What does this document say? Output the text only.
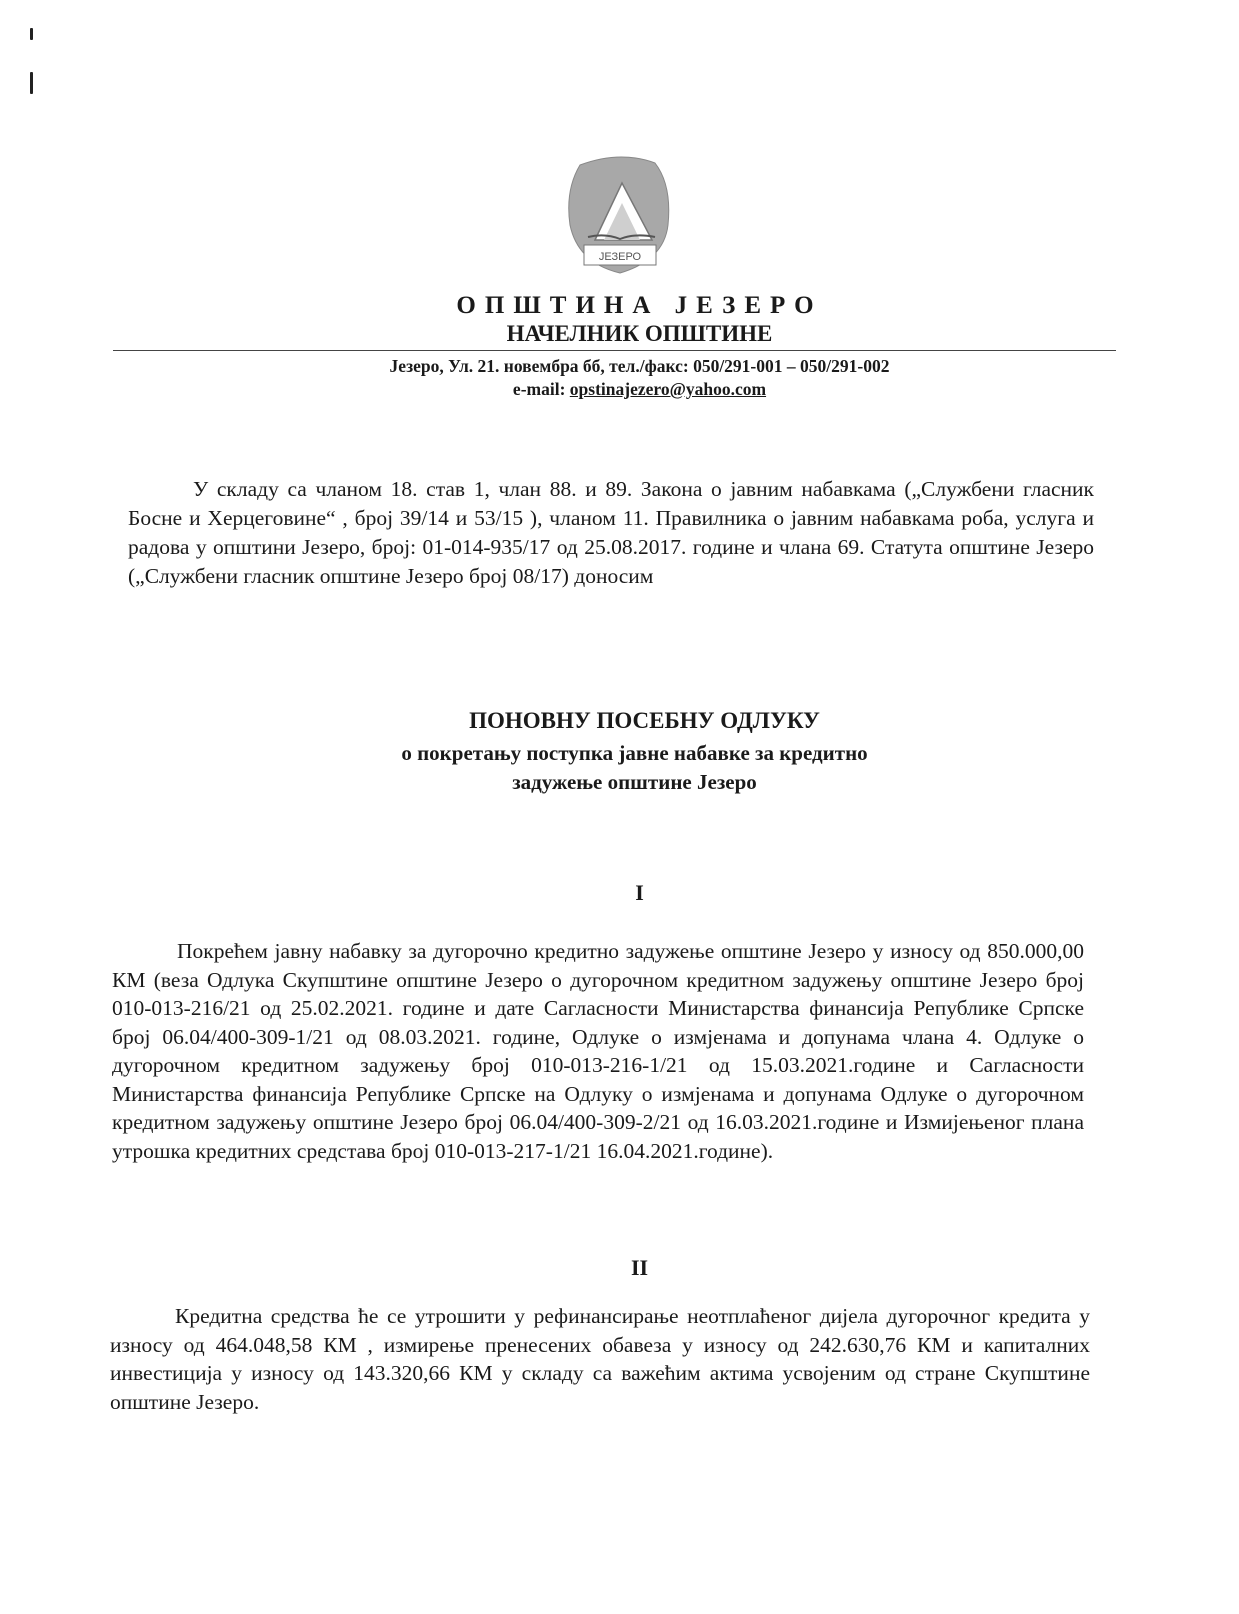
ЈЕЗЕРО
ОПШТИНА ЈЕЗЕРО
НАЧЕЛНИК ОПШТИНЕ
Језеро, Ул. 21. новембра бб, тел./факс: 050/291-001 – 050/291-002
e-mail: opstinajezero@yahoo.com
У складу са чланом 18. став 1, члан 88. и 89. Закона о јавним набавкама („Службени гласник Босне и Херцеговине“ , број 39/14 и 53/15 ), чланом 11. Правилника о јавним набавкама роба, услуга и радова у општини Језеро, број: 01-014-935/17 од 25.08.2017. године и члана 69. Статута општине Језеро („Службени гласник општине Језеро број 08/17) доносим
ПОНОВНУ ПОСЕБНУ ОДЛУКУ
о покретању поступка јавне набавке за кредитно
задужење општине Језеро
I
Покрећем јавну набавку за дугорочно кредитно задужење општине Језеро у износу од 850.000,00 КМ (веза Одлука Скупштине општине Језеро о дугорочном кредитном задужењу општине Језеро број 010-013-216/21 од 25.02.2021. године и дате Сагласности Министарства финансија Републике Српске број 06.04/400-309-1/21 од 08.03.2021. године, Одлуке о измјенама и допунама члана 4. Одлуке о дугорочном кредитном задужењу број 010-013-216-1/21 од 15.03.2021.године и Сагласности Министарства финансија Републике Српске на Одлуку о измјенама и допунама Одлуке о дугорочном кредитном задужењу општине Језеро број 06.04/400-309-2/21 од 16.03.2021.године и Измијењеног плана утрошка кредитних средстава број 010-013-217-1/21 16.04.2021.године).
II
Кредитна средства ће се утрошити у рефинансирање неотплаћеног дијела дугорочног кредита у износу од 464.048,58 КМ , измирење пренесених обавеза у износу од 242.630,76 КМ и капиталних инвестиција у износу од 143.320,66 КМ у складу са важећим актима усвојеним од стране Скупштине општине Језеро.
